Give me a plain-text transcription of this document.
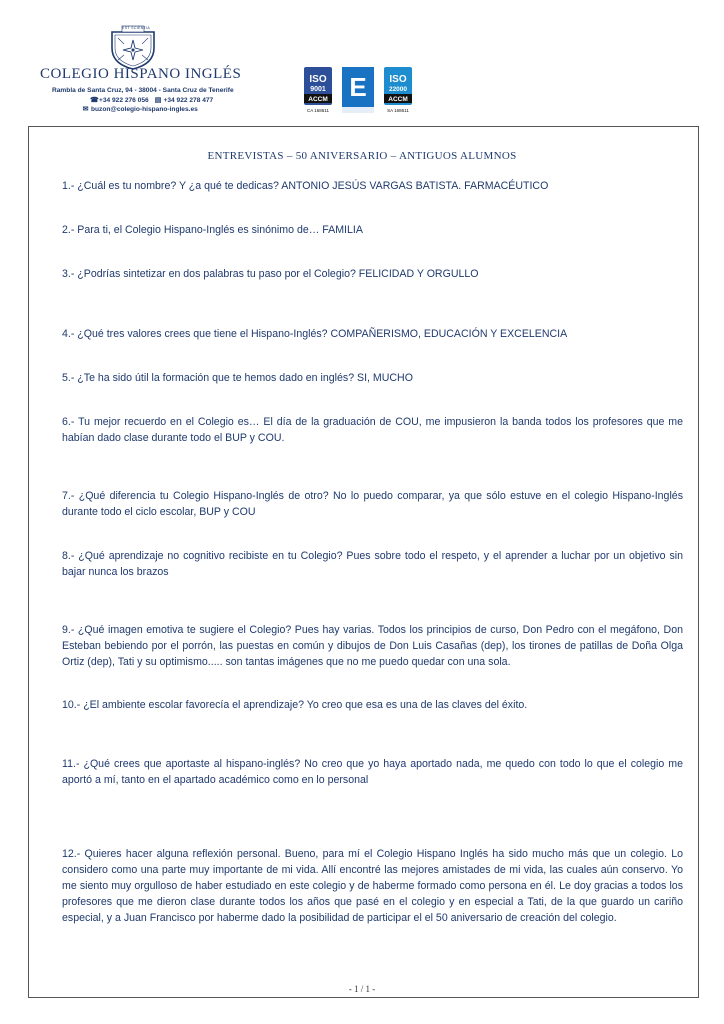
EST SCIENTIA
COLEGIO HISPANO INGLÉS
Rambla de Santa Cruz, 94 - 38004 - Santa Cruz de Tenerife
☎+34 922 276 056 ▤ +34 922 278 477
✉ buzon@colegio-hispano-ingles.es
ISO
9001
ACCM
CA 168611
E ISO
22000
ACCM
SA 168611
ENTREVISTAS – 50 ANIVERSARIO – ANTIGUOS ALUMNOS

1.- ¿Cuál es tu nombre? Y ¿a qué te dedicas? ANTONIO JESÚS VARGAS BATISTA. FARMACÉUTICO

2.- Para ti, el Colegio Hispano-Inglés es sinónimo de… FAMILIA

3.- ¿Podrías sintetizar en dos palabras tu paso por el Colegio? FELICIDAD Y ORGULLO

4.- ¿Qué tres valores crees que tiene el Hispano-Inglés? COMPAÑERISMO, EDUCACIÓN Y EXCELENCIA

5.- ¿Te ha sido útil la formación que te hemos dado en inglés? SI, MUCHO

6.- Tu mejor recuerdo en el Colegio es… El día de la graduación de COU, me impusieron la banda todos los profesores que me habían dado clase durante todo el BUP y COU.

7.- ¿Qué diferencia tu Colegio Hispano-Inglés de otro? No lo puedo comparar, ya que sólo estuve en el colegio Hispano-Inglés durante todo el ciclo escolar, BUP y COU

8.- ¿Qué aprendizaje no cognitivo recibiste en tu Colegio? Pues sobre todo el respeto, y el aprender a luchar por un objetivo sin bajar nunca los brazos

9.- ¿Qué imagen emotiva te sugiere el Colegio? Pues hay varias. Todos los principios de curso, Don Pedro con el megáfono, Don Esteban bebiendo por el porrón, las puestas en común y dibujos de Don Luis Casañas (dep), los tirones de patillas de Doña Olga Ortiz (dep), Tati y su optimismo..... son tantas imágenes que no me puedo quedar con una sola.

10.- ¿El ambiente escolar favorecía el aprendizaje? Yo creo que esa es una de las claves del éxito.

11.- ¿Qué crees que aportaste al hispano-inglés? No creo que yo haya aportado nada, me quedo con todo lo que el colegio me aportó a mí, tanto en el apartado académico como en lo personal

12.- Quieres hacer alguna reflexión personal. Bueno, para mí el Colegio Hispano Inglés ha sido mucho más que un colegio. Lo considero como una parte muy importante de mi vida. Allí encontré las mejores amistades de mi vida, las cuales aún conservo. Yo me siento muy orgulloso de haber estudiado en este colegio y de haberme formado como persona en él. Le doy gracias a todos los profesores que me dieron clase durante todos los años que pasé en el colegio y en especial a Tati, de la que guardo un cariño especial, y a Juan Francisco por haberme dado la posibilidad de participar el el 50 aniversario de creación del colegio.

- 1 / 1 -
